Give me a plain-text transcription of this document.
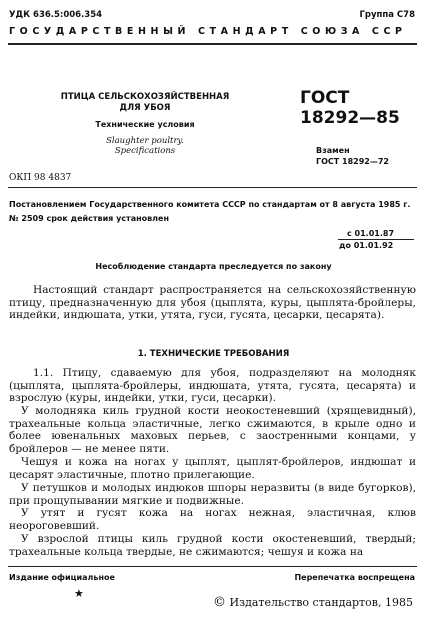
УДК 636.5:006.354	Группа С78
ГОСУДАРСТВЕННЫЙ СТАНДАРТ СОЮЗА ССР
ПТИЦА СЕЛЬСКОХОЗЯЙСТВЕННАЯ
ДЛЯ УБОЯ
Технические условия
Slaughter poultry.
Specifications
ГОСТ
18292—85
Взамен
ГОСТ 18292—72
ОКП 98 4837
Постановлением Государственного комитета СССР по стандартам от 8 августа 1985 г. № 2509 срок действия установлен
с 01.01.87
до 01.01.92
Несоблюдение стандарта преследуется по закону
Настоящий стандарт распространяется на сельскохозяйственную птицу, предназначенную для убоя (цыплята, куры, цыплята-бройлеры, индейки, индюшата, утки, утята, гуси, гусята, цесарки, цесарята).
1. ТЕХНИЧЕСКИЕ ТРЕБОВАНИЯ
1.1. Птицу, сдаваемую для убоя, подразделяют на молодняк (цыплята, цыплята-бройлеры, индюшата, утята, гусята, цесарята) и взрослую (куры, индейки, утки, гуси, цесарки).
У молодняка киль грудной кости неокостеневший (хрящевидный), трахеальные кольца эластичные, легко сжимаются, в крыле одно и более ювенальных маховых перьев, с заостренными концами, у бройлеров — не менее пяти.
Чешуя и кожа на ногах у цыплят, цыплят-бройлеров, индюшат и цесарят эластичные, плотно прилегающие.
У петушков и молодых индюков шпоры неразвиты (в виде бугорков), при прощупывании мягкие и подвижные.
У утят и гусят кожа на ногах нежная, эластичная, клюв неороговевший.
У взрослой птицы киль грудной кости окостеневший, твердый; трахеальные кольца твердые, не сжимаются; чешуя и кожа на
Издание официальное	Перепечатка воспрещена
★
© Издательство стандартов, 1985
